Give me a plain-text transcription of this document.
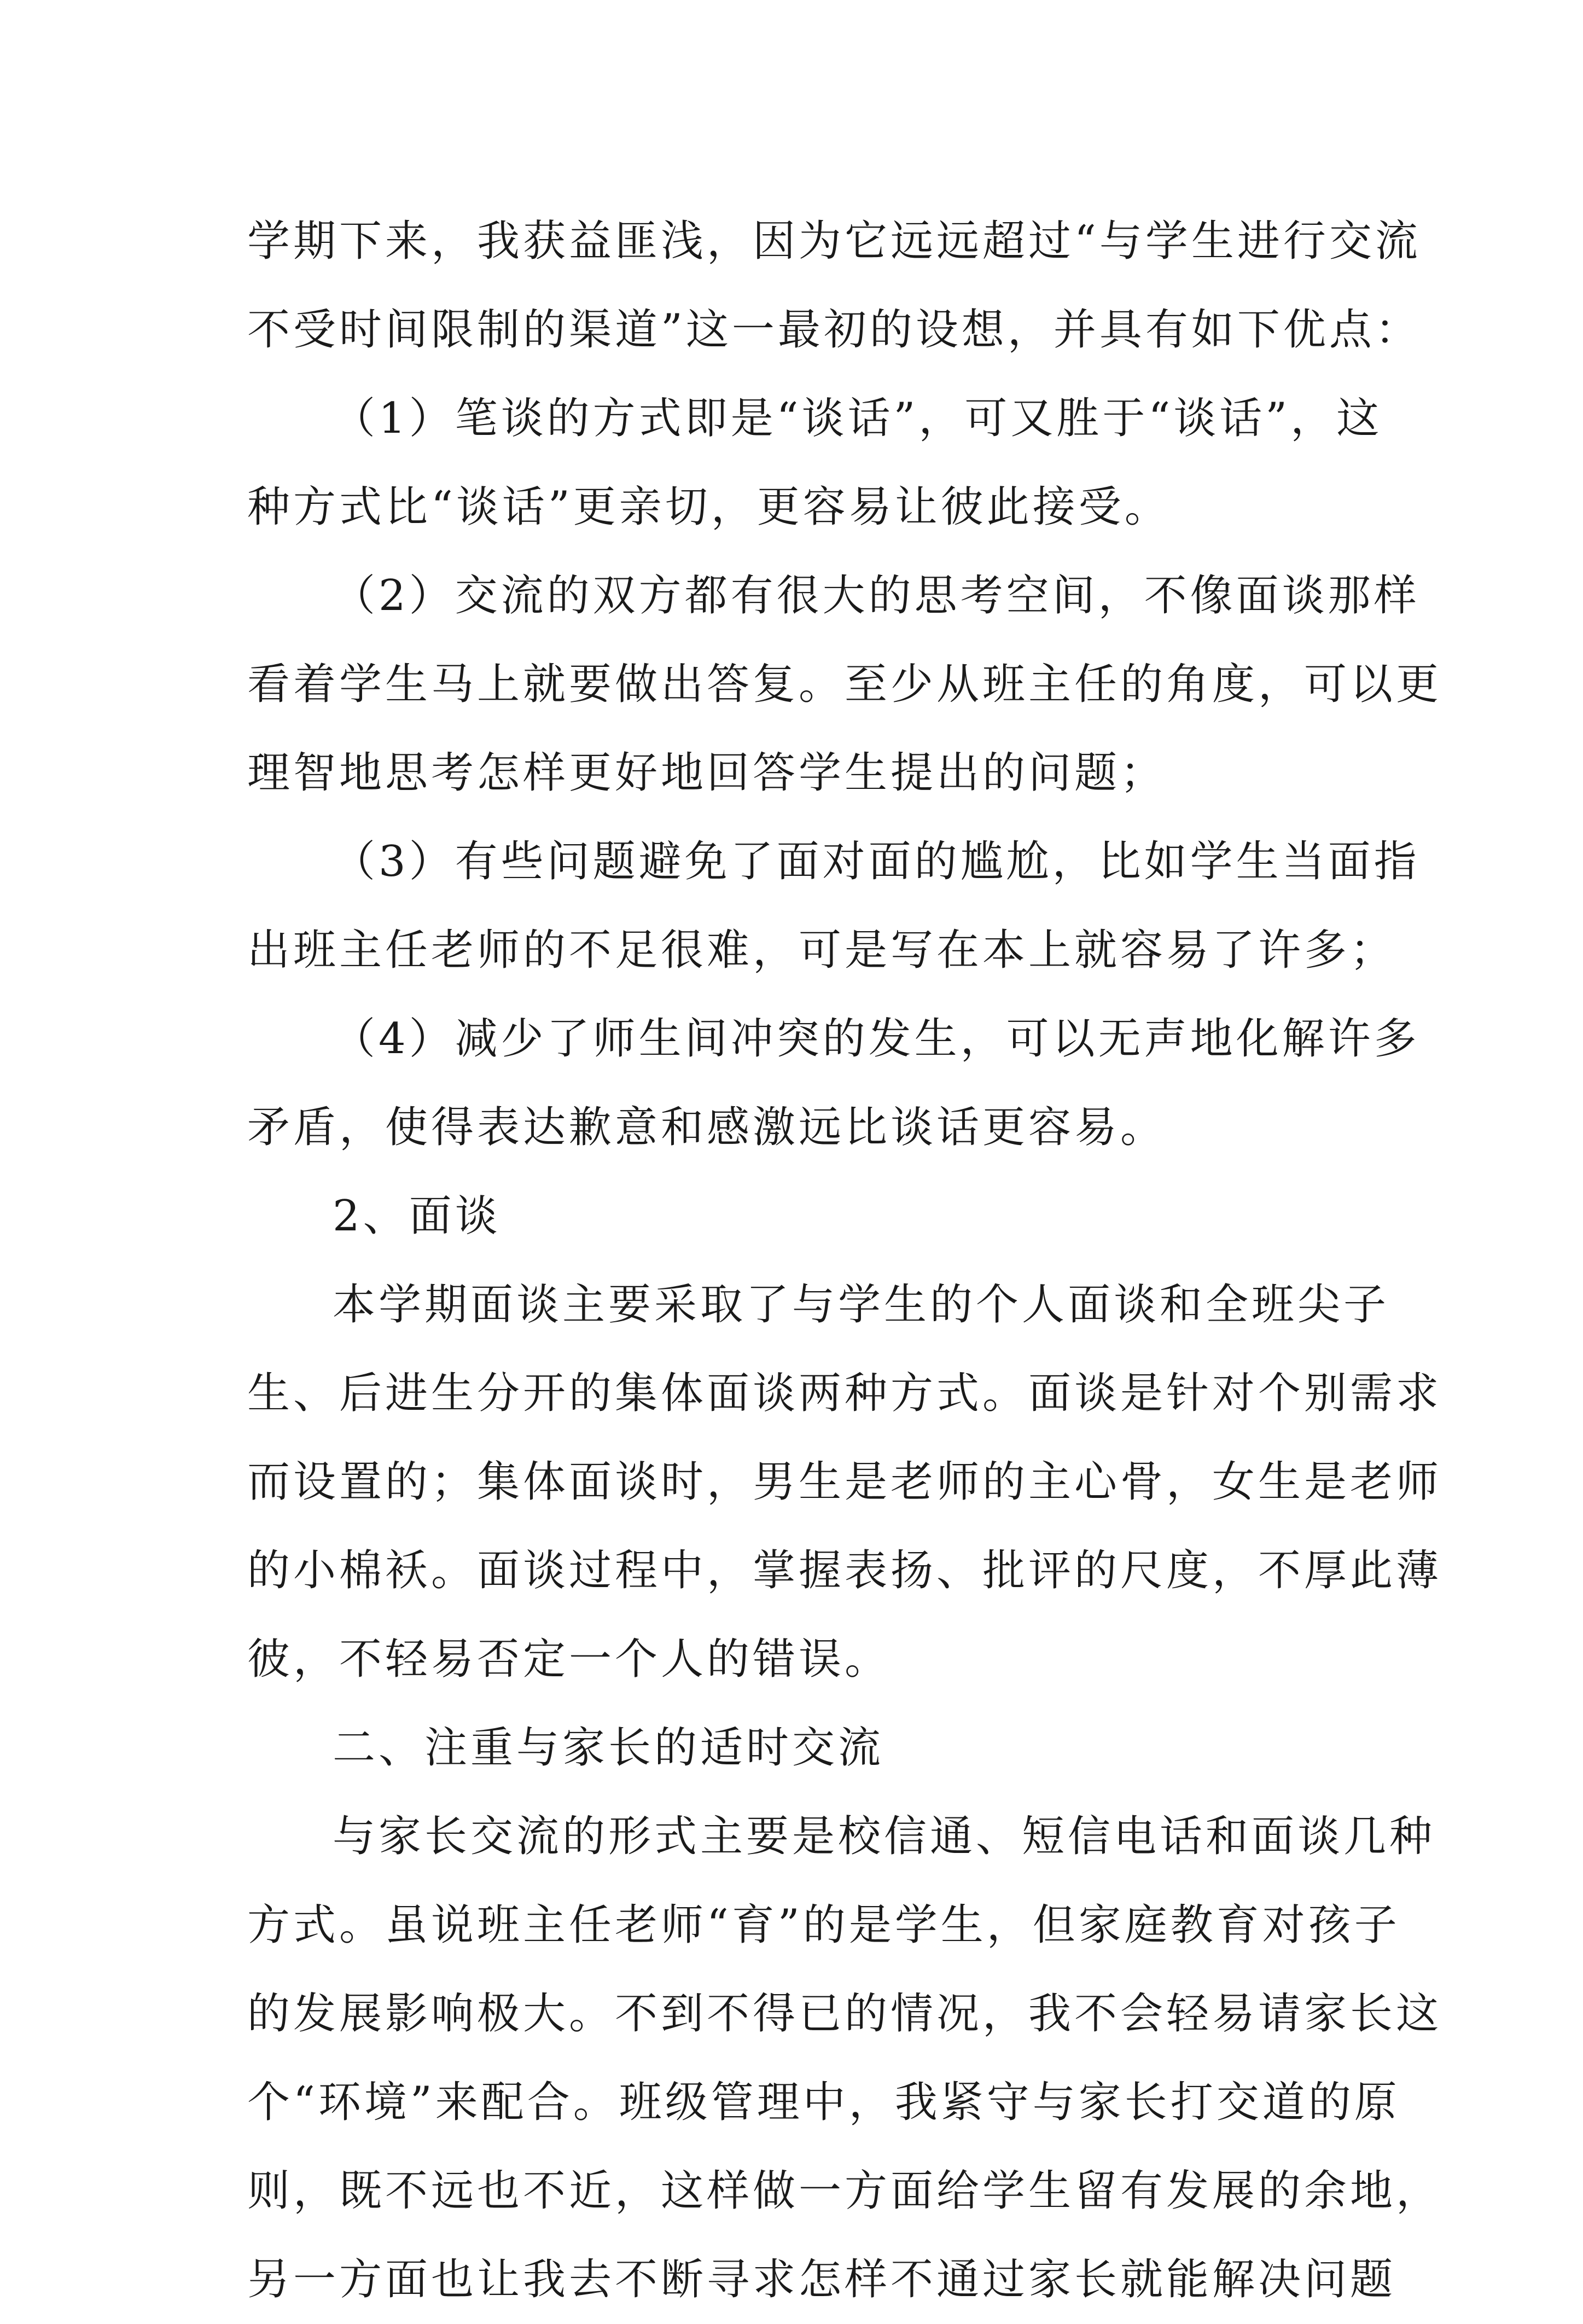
学期下来，我获益匪浅，因为它远远超过“与学生进行交流
不受时间限制的渠道”这一最初的设想，并具有如下优点：
（1）笔谈的方式即是“谈话”，可又胜于“谈话”，这
种方式比“谈话”更亲切，更容易让彼此接受。
（2）交流的双方都有很大的思考空间，不像面谈那样
看着学生马上就要做出答复。至少从班主任的角度，可以更
理智地思考怎样更好地回答学生提出的问题；
（3）有些问题避免了面对面的尴尬，比如学生当面指
出班主任老师的不足很难，可是写在本上就容易了许多；
（4）减少了师生间冲突的发生，可以无声地化解许多
矛盾，使得表达歉意和感激远比谈话更容易。
2、面谈
本学期面谈主要采取了与学生的个人面谈和全班尖子
生、后进生分开的集体面谈两种方式。面谈是针对个别需求
而设置的；集体面谈时，男生是老师的主心骨，女生是老师
的小棉袄。面谈过程中，掌握表扬、批评的尺度，不厚此薄
彼，不轻易否定一个人的错误。
二、注重与家长的适时交流
与家长交流的形式主要是校信通、短信电话和面谈几种
方式。虽说班主任老师“育”的是学生，但家庭教育对孩子
的发展影响极大。不到不得已的情况，我不会轻易请家长这
个“环境”来配合。班级管理中，我紧守与家长打交道的原
则，既不远也不近，这样做一方面给学生留有发展的余地，
另一方面也让我去不断寻求怎样不通过家长就能解决问题
